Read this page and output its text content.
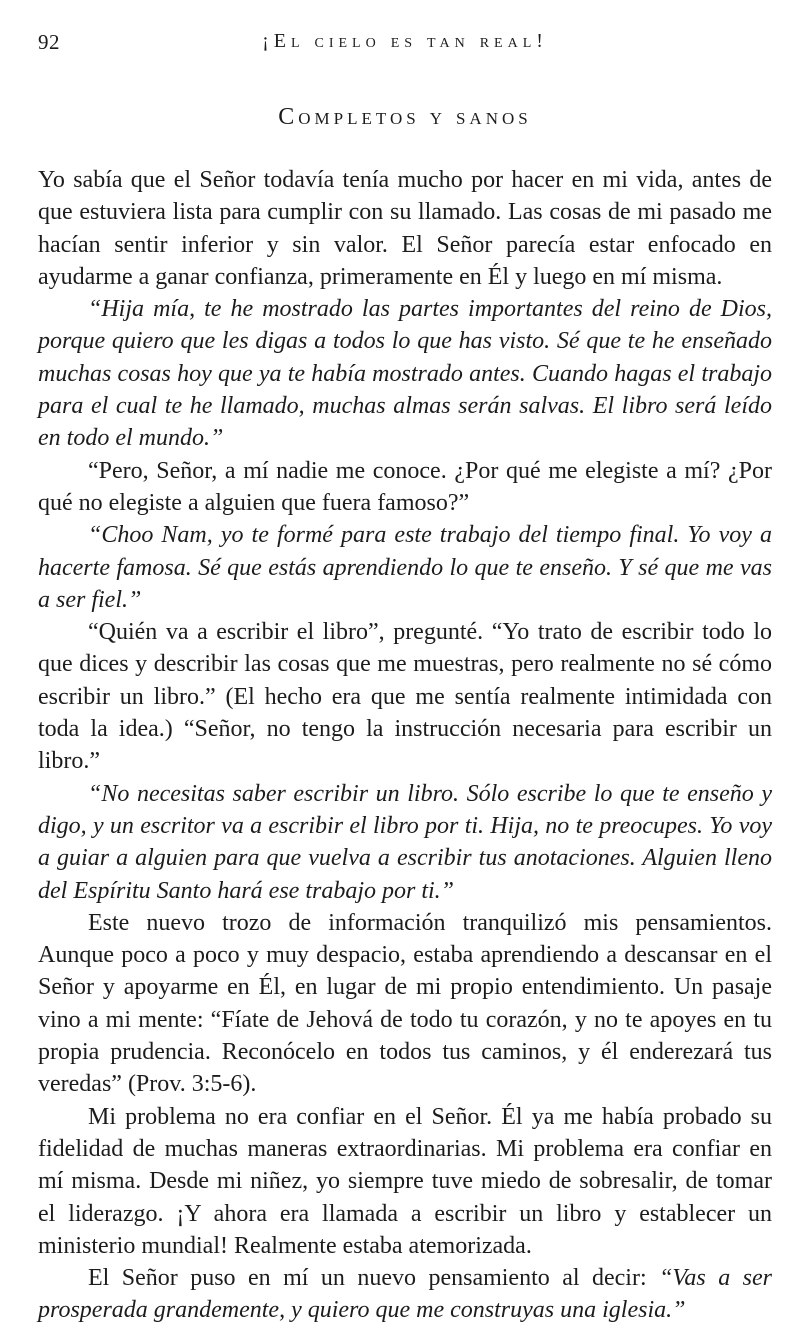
92	¡El cielo es tan real!
Completos y sanos

Yo sabía que el Señor todavía tenía mucho por hacer en mi vida, antes de que estuviera lista para cumplir con su llamado. Las cosas de mi pasado me hacían sentir inferior y sin valor. El Señor parecía estar enfocado en ayudarme a ganar confianza, primeramente en Él y luego en mí misma.

“Hija mía, te he mostrado las partes importantes del reino de Dios, porque quiero que les digas a todos lo que has visto. Sé que te he enseñado muchas cosas hoy que ya te había mostrado antes. Cuando hagas el trabajo para el cual te he llamado, muchas almas serán salvas. El libro será leído en todo el mundo.”

“Pero, Señor, a mí nadie me conoce. ¿Por qué me elegiste a mí? ¿Por qué no elegiste a alguien que fuera famoso?”

“Choo Nam, yo te formé para este trabajo del tiempo final. Yo voy a hacerte famosa. Sé que estás aprendiendo lo que te enseño. Y sé que me vas a ser fiel.”

“Quién va a escribir el libro”, pregunté. “Yo trato de escribir todo lo que dices y describir las cosas que me muestras, pero realmente no sé cómo escribir un libro.” (El hecho era que me sentía realmente intimidada con toda la idea.) “Señor, no tengo la instrucción necesaria para escribir un libro.”

“No necesitas saber escribir un libro. Sólo escribe lo que te enseño y digo, y un escritor va a escribir el libro por ti. Hija, no te preocupes. Yo voy a guiar a alguien para que vuelva a escribir tus anotaciones. Alguien lleno del Espíritu Santo hará ese trabajo por ti.”

Este nuevo trozo de información tranquilizó mis pensamientos. Aunque poco a poco y muy despacio, estaba aprendiendo a descansar en el Señor y apoyarme en Él, en lugar de mi propio entendimiento. Un pasaje vino a mi mente: “Fíate de Jehová de todo tu corazón, y no te apoyes en tu propia prudencia. Reconócelo en todos tus caminos, y él enderezará tus veredas” (Prov. 3:5-6).

Mi problema no era confiar en el Señor. Él ya me había probado su fidelidad de muchas maneras extraordinarias. Mi problema era confiar en mí misma. Desde mi niñez, yo siempre tuve miedo de sobresalir, de tomar el liderazgo. ¡Y ahora era llamada a escribir un libro y establecer un ministerio mundial! Realmente estaba atemorizada.

El Señor puso en mí un nuevo pensamiento al decir: “Vas a ser prosperada grandemente, y quiero que me construyas una iglesia.”
